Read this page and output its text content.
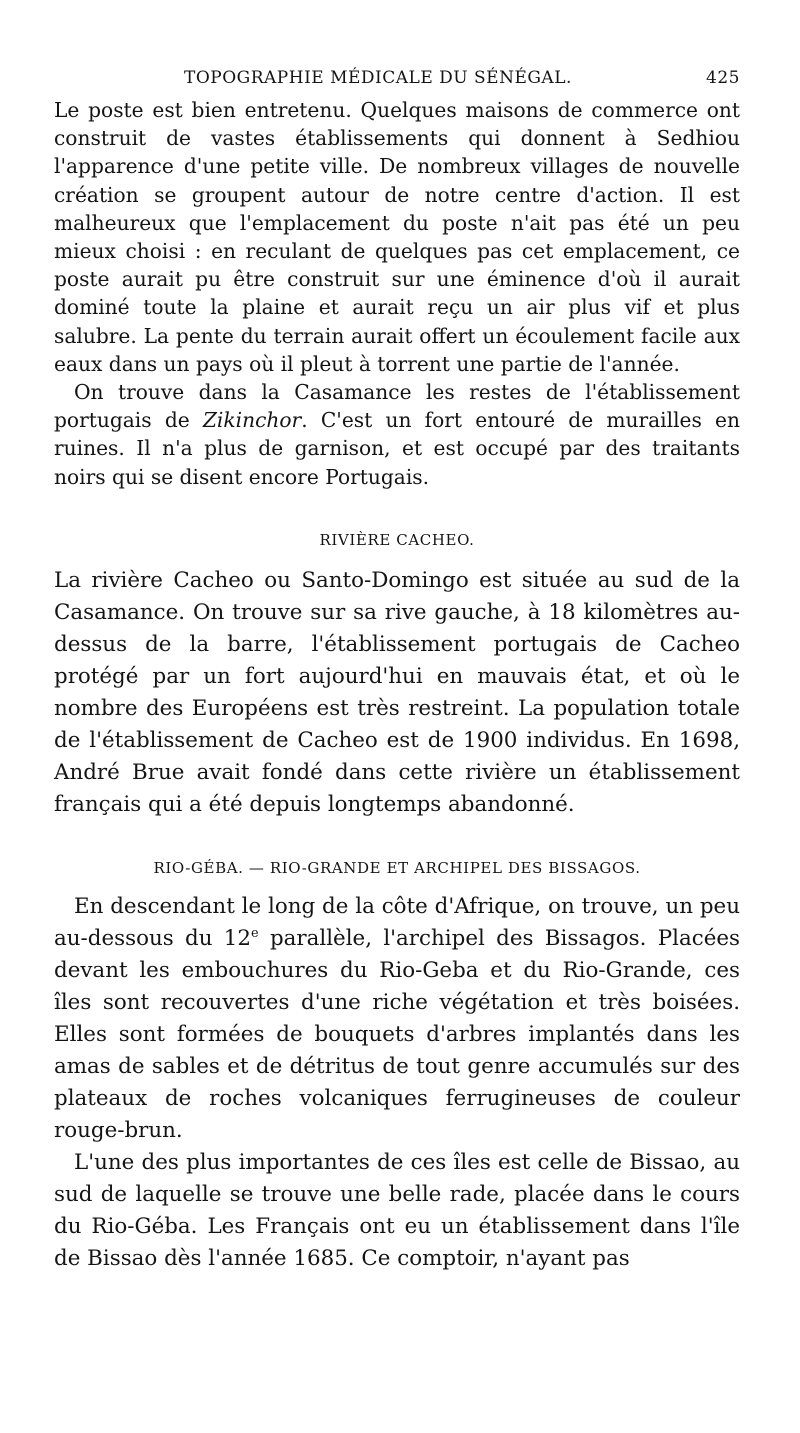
TOPOGRAPHIE MÉDICALE DU SÉNÉGAL.	425

Le poste est bien entretenu. Quelques maisons de commerce ont construit de vastes établissements qui donnent à Sedhiou l'apparence d'une petite ville. De nombreux villages de nouvelle création se groupent autour de notre centre d'action. Il est malheureux que l'emplacement du poste n'ait pas été un peu mieux choisi : en reculant de quelques pas cet emplacement, ce poste aurait pu être construit sur une éminence d'où il aurait dominé toute la plaine et aurait reçu un air plus vif et plus salubre. La pente du terrain aurait offert un écoulement facile aux eaux dans un pays où il pleut à torrent une partie de l'année.

On trouve dans la Casamance les restes de l'établissement portugais de Zikinchor. C'est un fort entouré de murailles en ruines. Il n'a plus de garnison, et est occupé par des traitants noirs qui se disent encore Portugais.

RIVIÈRE CACHEO.

La rivière Cacheo ou Santo-Domingo est située au sud de la Casamance. On trouve sur sa rive gauche, à 18 kilomètres au-dessus de la barre, l'établissement portugais de Cacheo protégé par un fort aujourd'hui en mauvais état, et où le nombre des Européens est très restreint. La population totale de l'établissement de Cacheo est de 1900 individus. En 1698, André Brue avait fondé dans cette rivière un établissement français qui a été depuis longtemps abandonné.

RIO-GÉBA. — RIO-GRANDE ET ARCHIPEL DES BISSAGOS.

En descendant le long de la côte d'Afrique, on trouve, un peu au-dessous du 12e parallèle, l'archipel des Bissagos. Placées devant les embouchures du Rio-Geba et du Rio-Grande, ces îles sont recouvertes d'une riche végétation et très boisées. Elles sont formées de bouquets d'arbres implantés dans les amas de sables et de détritus de tout genre accumulés sur des plateaux de roches volcaniques ferrugineuses de couleur rouge-brun.

L'une des plus importantes de ces îles est celle de Bissao, au sud de laquelle se trouve une belle rade, placée dans le cours du Rio-Géba. Les Français ont eu un établissement dans l'île de Bissao dès l'année 1685. Ce comptoir, n'ayant pas
